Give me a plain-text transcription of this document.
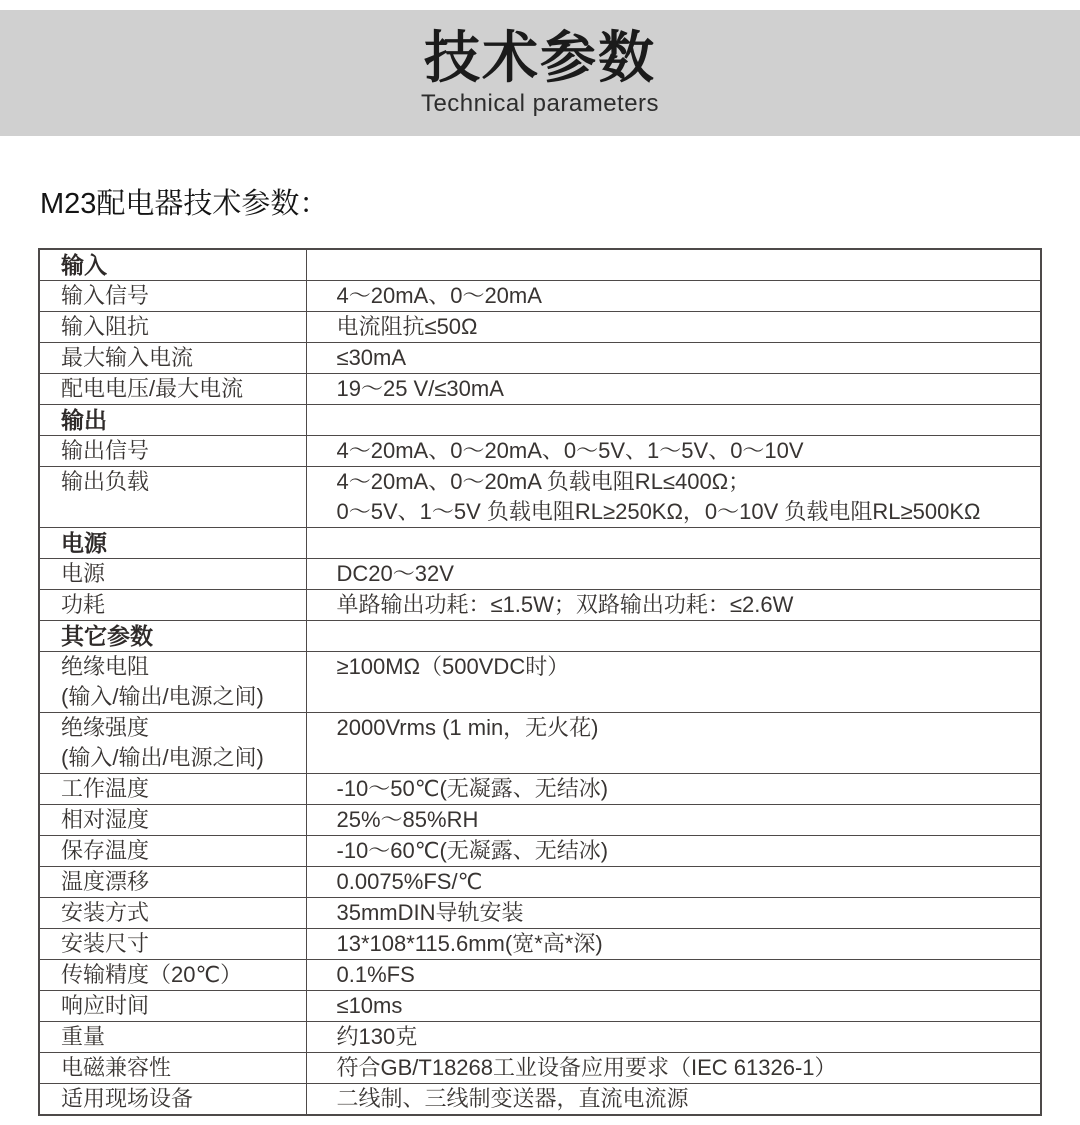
技术参数
Technical parameters
M23配电器技术参数：
输入	

输入信号	4～20mA、0～20mA

输入阻抗	电流阻抗≤50Ω

最大输入电流	≤30mA

配电电压/最大电流	19～25 V/≤30mA

输出	

输出信号	4～20mA、0～20mA、0～5V、1～5V、0～10V

输出负载	4～20mA、0～20mA 负载电阻RL≤400Ω；
0～5V、1～5V 负载电阻RL≥250KΩ，0～10V 负载电阻RL≥500KΩ

电源	

电源	DC20～32V

功耗	单路输出功耗：≤1.5W；双路输出功耗：≤2.6W

其它参数	

绝缘电阻
(输入/输出/电源之间)	≥100MΩ（500VDC时）

绝缘强度
(输入/输出/电源之间)	2000Vrms (1 min，无火花)

工作温度	-10～50℃(无凝露、无结冰)

相对湿度	25%～85%RH

保存温度	-10～60℃(无凝露、无结冰)

温度漂移	0.0075%FS/℃

安装方式	35mmDIN导轨安装

安装尺寸	13*108*115.6mm(宽*高*深)

传输精度（20℃）	0.1%FS

响应时间	≤10ms

重量	约130克

电磁兼容性	符合GB/T18268工业设备应用要求（IEC 61326-1）

适用现场设备	二线制、三线制变送器，直流电流源
